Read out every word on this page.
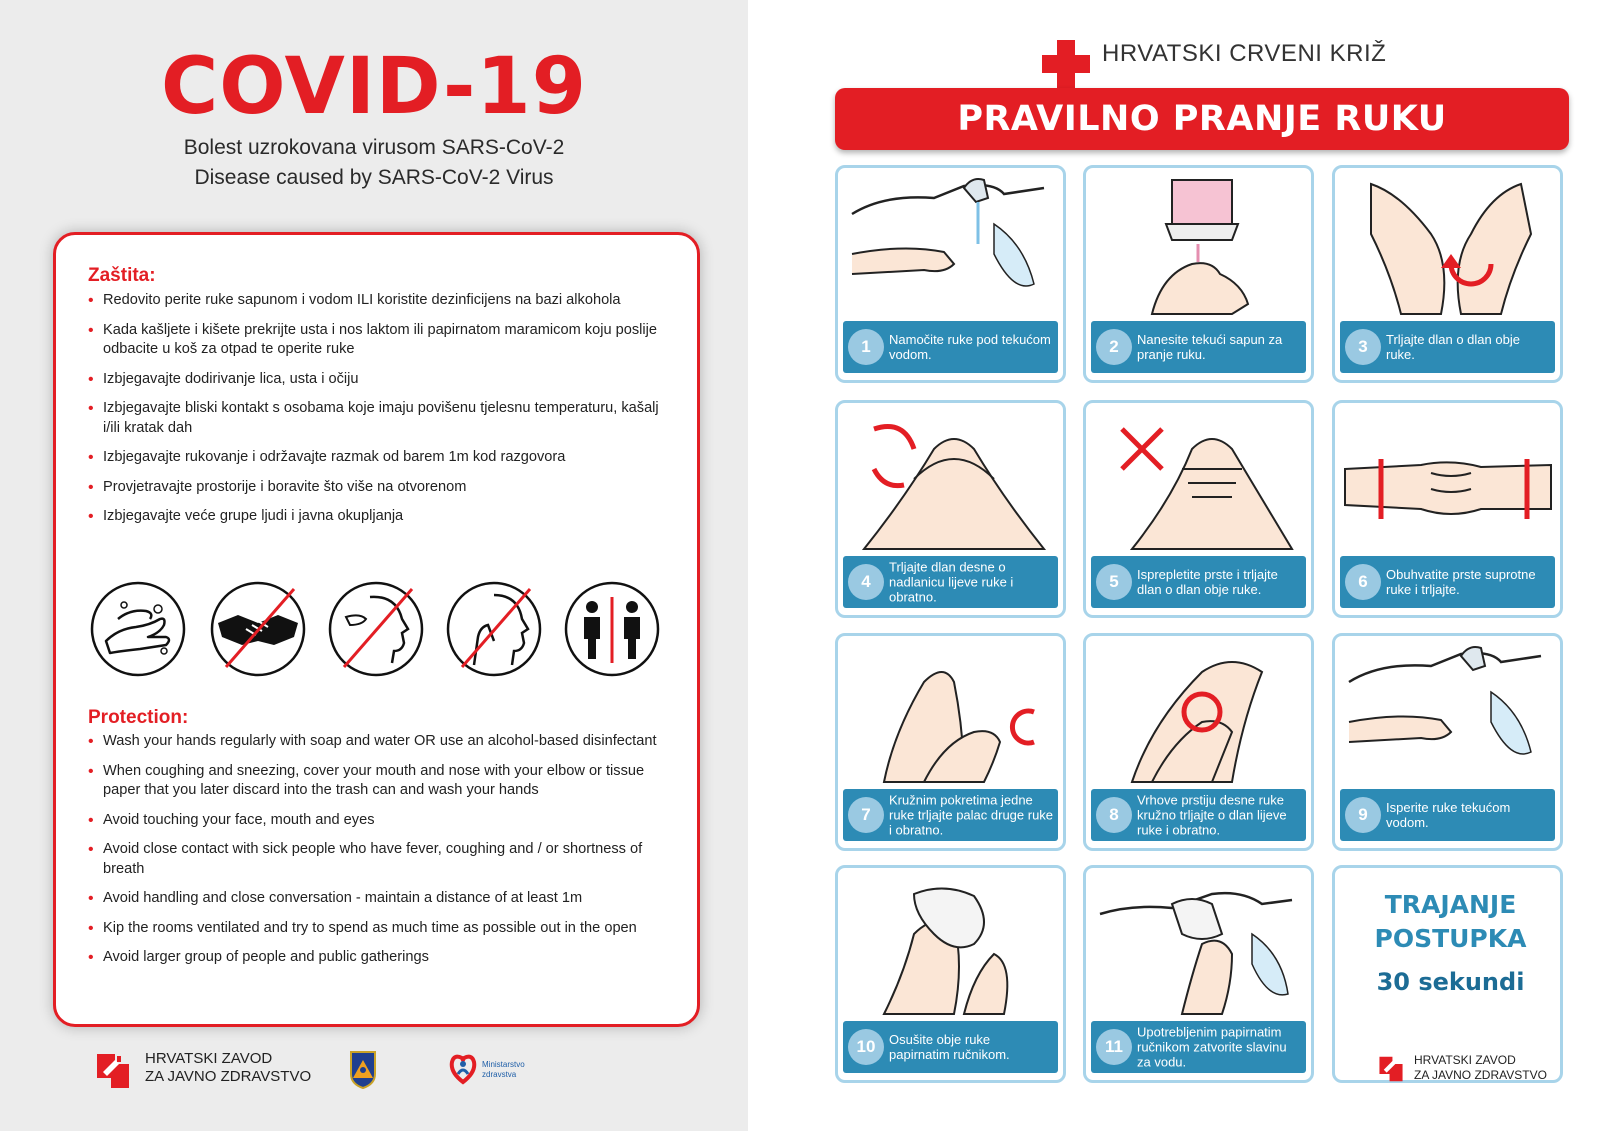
COVID-19
Bolest uzrokovana virusom SARS-CoV-2
Disease caused by SARS-CoV-2 Virus
Zaštita:
• Redovito perite ruke sapunom i vodom ILI koristite dezinficijens na bazi alkohola
• Kada kašljete i kišete prekrijte usta i nos laktom ili papirnatom maramicom koju poslije odbacite u koš za otpad te operite ruke
• Izbjegavajte dodirivanje lica, usta i očiju
• Izbjegavajte bliski kontakt s osobama koje imaju povišenu tjelesnu temperaturu, kašalj i/ili kratak dah
• Izbjegavajte rukovanje i održavajte razmak od barem 1m kod razgovora
• Provjetravajte prostorije i boravite što više na otvorenom
• Izbjegavajte veće grupe ljudi i javna okupljanja
Protection:
• Wash your hands regularly with soap and water OR use an alcohol-based disinfectant
• When coughing and sneezing, cover your mouth and nose with your elbow or tissue paper that you later discard into the trash can and wash your hands
• Avoid touching your face, mouth and eyes
• Avoid close contact with sick people who have fever, coughing and / or shortness of breath
• Avoid handling and close conversation - maintain a distance of at least 1m
• Kip the rooms ventilated and try to spend as much time as possible out in the open
• Avoid larger group of people and public gatherings
HRVATSKI ZAVOD
ZA JAVNO ZDRAVSTVO
Ministarstvo
zdravstva
HRVATSKI CRVENI KRIŽ
PRAVILNO PRANJE RUKU
1	Namočite ruke pod tekućom vodom.	2	Nanesite tekući sapun za pranje ruku.	3	Trljajte dlan o dlan obje ruke.
4
Trljajte dlan desne o nadlanicu lijeve ruke i obratno.
5	Isprepletite prste i trljajte dlan o dlan obje ruke.	6	Obuhvatite prste suprotne ruke i trljajte.
7
Kružnim pokretima jedne ruke trljajte palac druge ruke i obratno.
8
Vrhove prstiju desne ruke kružno trljajte o dlan lijeve ruke i obratno.
9	Isperite ruke tekućom vodom.
10	Osušite obje ruke papirnatim ručnikom.	11
Upotrebljenim papirnatim ručnikom zatvorite slavinu za vodu.
TRAJANJE
POSTUPKA
30 sekundi
HRVATSKI ZAVOD
ZA JAVNO ZDRAVSTVO
